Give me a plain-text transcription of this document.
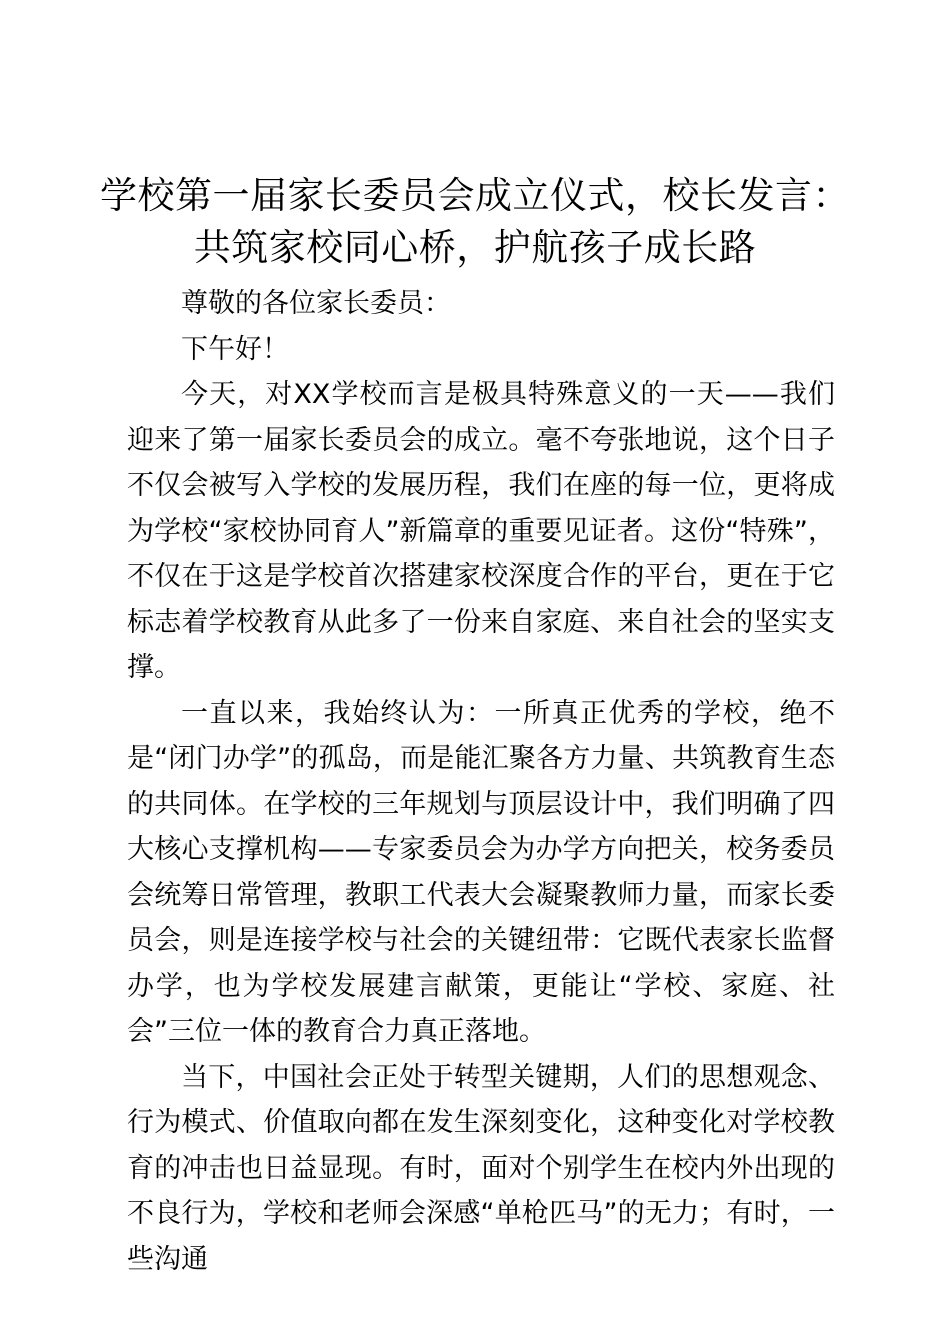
学校第一届家长委员会成立仪式，校长发言：
共筑家校同心桥，护航孩子成长路

尊敬的各位家长委员：

下午好！

今天，对XX学校而言是极具特殊意义的一天——我们迎来了第一届家长委员会的成立。毫不夸张地说，这个日子不仅会被写入学校的发展历程，我们在座的每一位，更将成为学校“家校协同育人”新篇章的重要见证者。这份“特殊”，不仅在于这是学校首次搭建家校深度合作的平台，更在于它标志着学校教育从此多了一份来自家庭、来自社会的坚实支撑。

一直以来，我始终认为：一所真正优秀的学校，绝不是“闭门办学”的孤岛，而是能汇聚各方力量、共筑教育生态的共同体。在学校的三年规划与顶层设计中，我们明确了四大核心支撑机构——专家委员会为办学方向把关，校务委员会统筹日常管理，教职工代表大会凝聚教师力量，而家长委员会，则是连接学校与社会的关键纽带：它既代表家长监督办学，也为学校发展建言献策，更能让“学校、家庭、社会”三位一体的教育合力真正落地。

当下，中国社会正处于转型关键期，人们的思想观念、行为模式、价值取向都在发生深刻变化，这种变化对学校教育的冲击也日益显现。有时，面对个别学生在校内外出现的不良行为，学校和老师会深感“单枪匹马”的无力；有时，一些沟通
